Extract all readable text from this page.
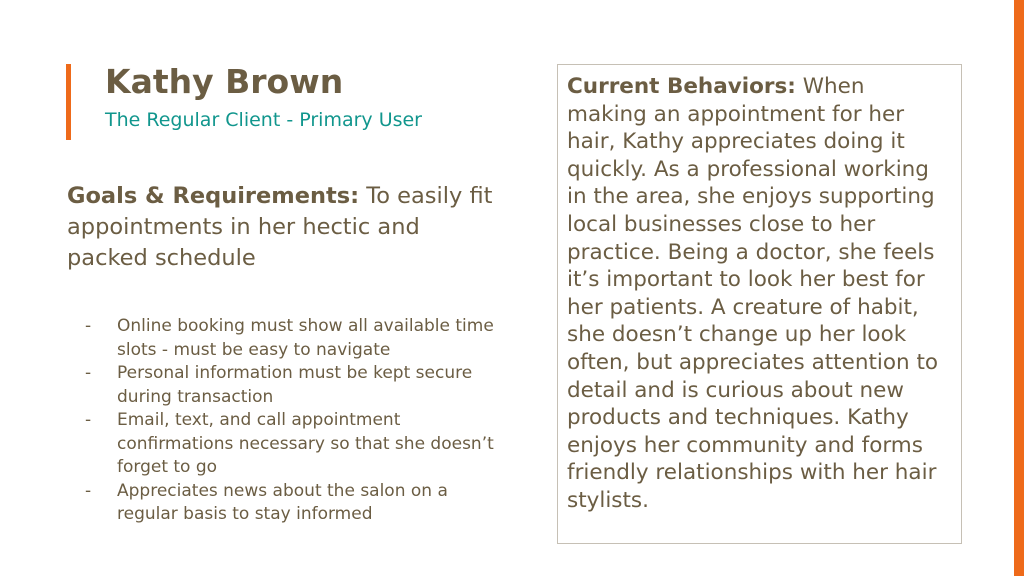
Kathy Brown
The Regular Client - Primary User
Goals & Requirements: To easily fit appointments in her hectic and packed schedule
- Online booking must show all available time slots - must be easy to navigate
- Personal information must be kept secure during transaction
- Email, text, and call appointment confirmations necessary so that she doesn’t forget to go
- Appreciates news about the salon on a regular basis to stay informed
Current Behaviors: When making an appointment for her hair, Kathy appreciates doing it quickly. As a professional working in the area, she enjoys supporting local businesses close to her practice. Being a doctor, she feels it’s important to look her best for her patients. A creature of habit, she doesn’t change up her look often, but appreciates attention to detail and is curious about new products and techniques. Kathy enjoys her community and forms friendly relationships with her hair stylists.
